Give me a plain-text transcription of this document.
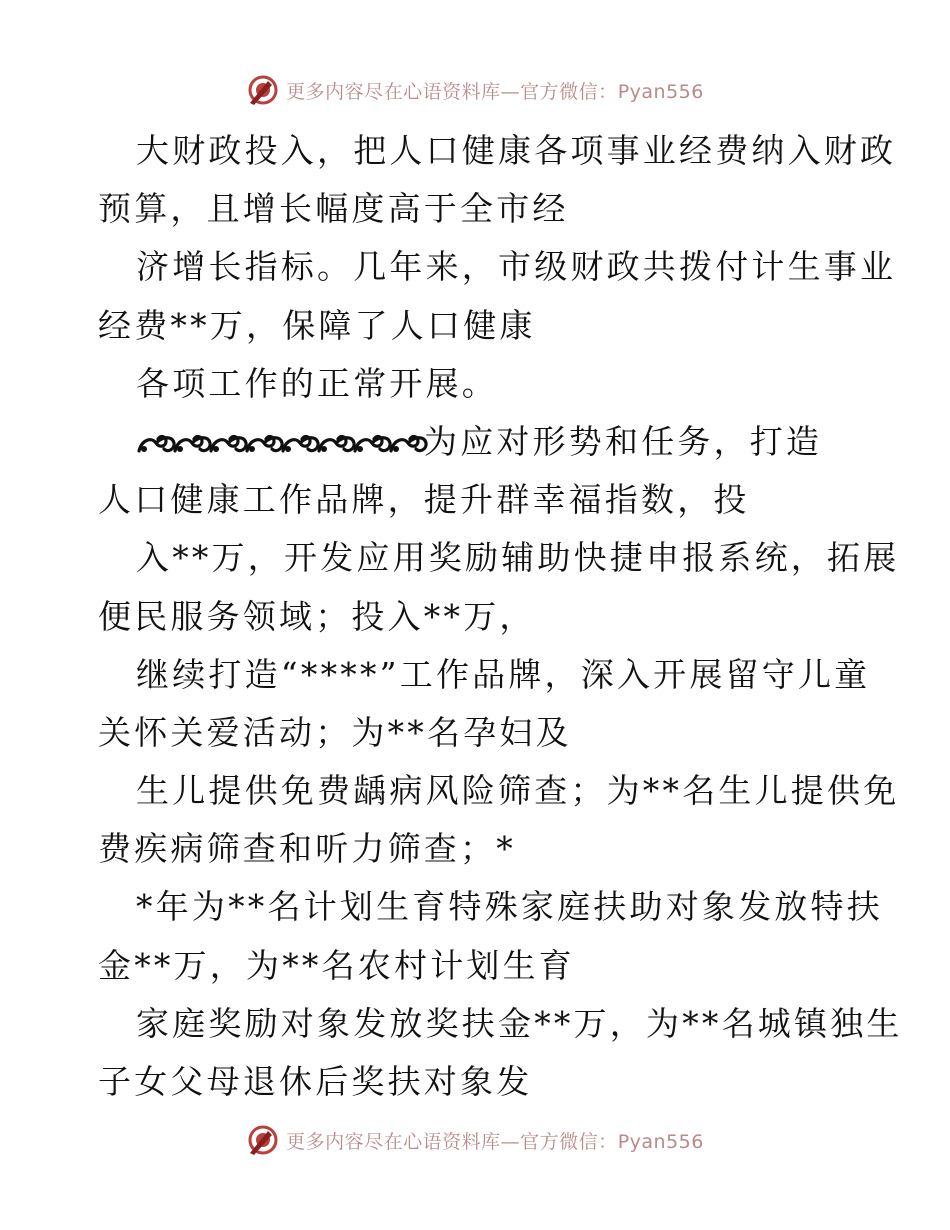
更多内容尽在心语资料库—官方微信：Pyan556
大财政投入，把人口健康各项事业经费纳入财政
预算，且增长幅度高于全市经
济增长指标。几年来，市级财政共拨付计生事业
经费**万，保障了人口健康
各项工作的正常开展。
为应对形势和任务，打造
人口健康工作品牌，提升群幸福指数，投
入**万，开发应用奖励辅助快捷申报系统，拓展
便民服务领域；投入**万，
继续打造“****”工作品牌，深入开展留守儿童
关怀关爱活动；为**名孕妇及
生儿提供免费龋病风险筛查；为**名生儿提供免
费疾病筛查和听力筛查；*
*年为**名计划生育特殊家庭扶助对象发放特扶
金**万，为**名农村计划生育
家庭奖励对象发放奖扶金**万，为**名城镇独生
子女父母退休后奖扶对象发
更多内容尽在心语资料库—官方微信：Pyan556
